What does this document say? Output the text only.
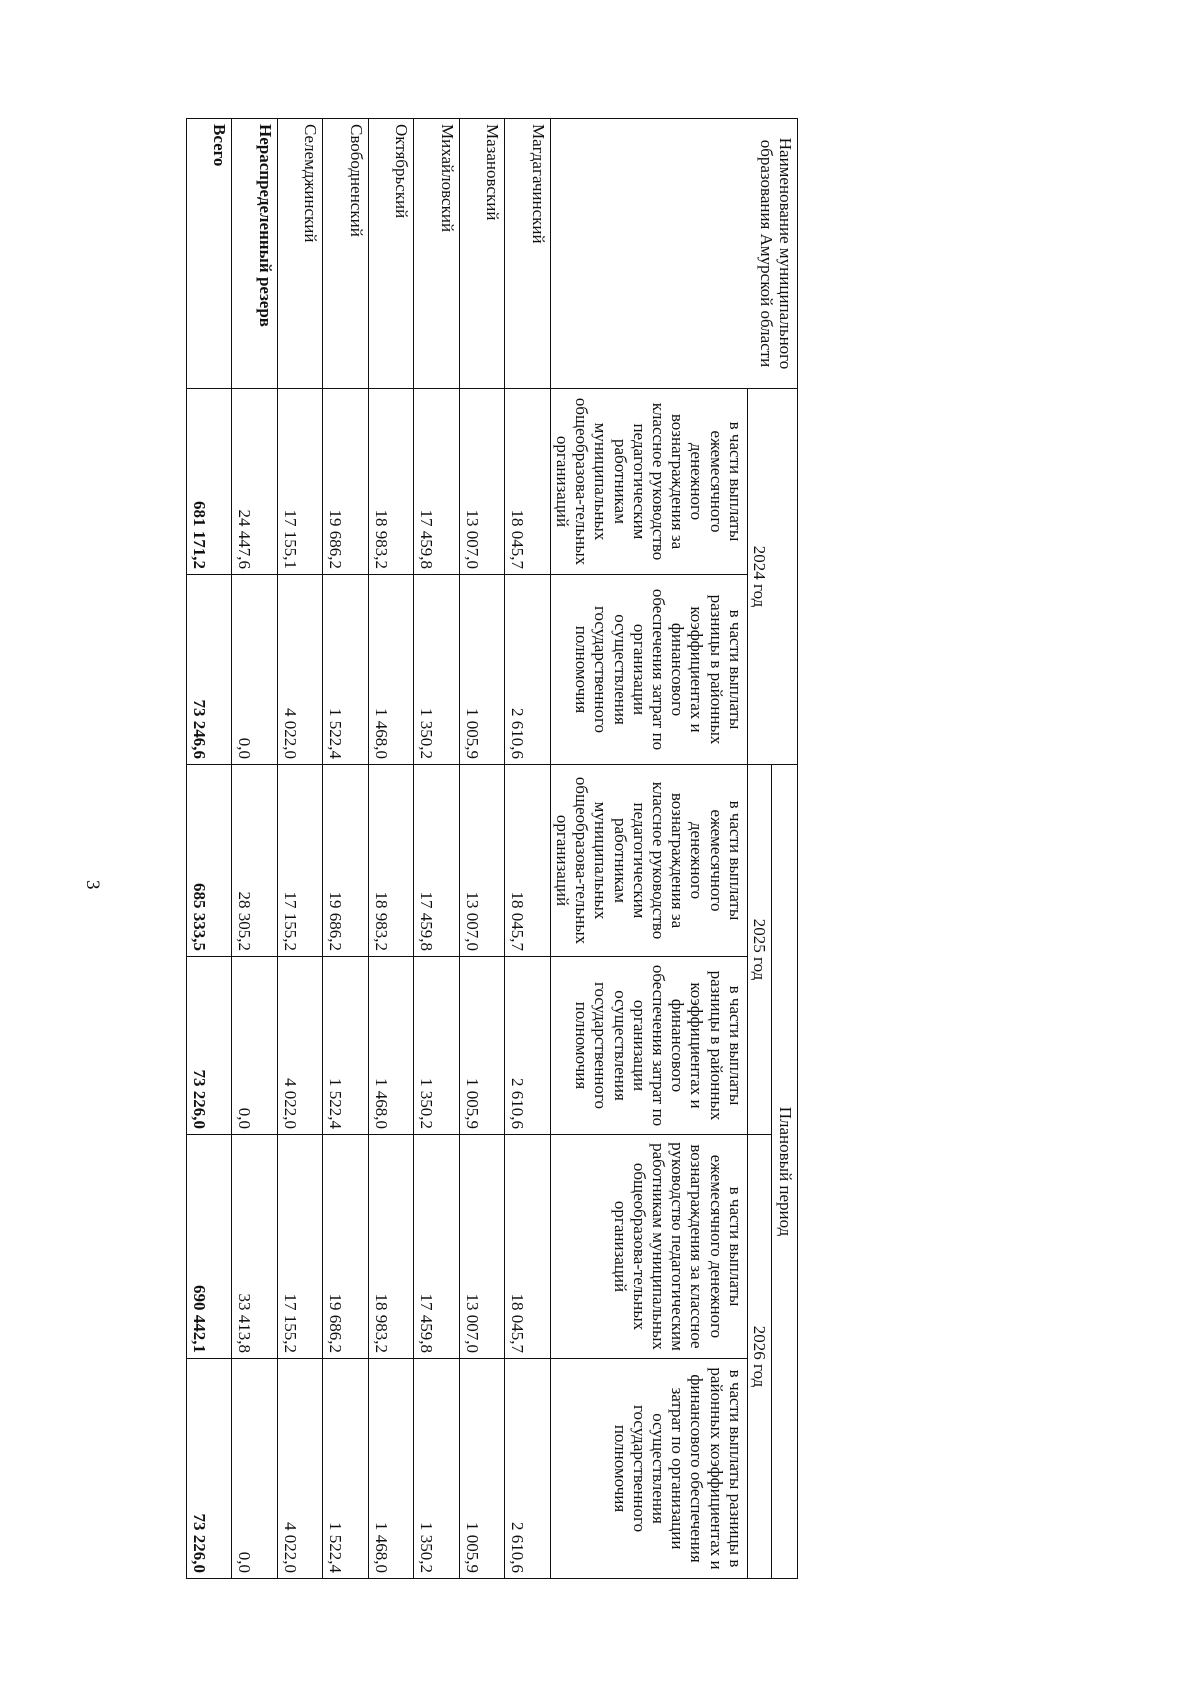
3
Наименование муниципального образования Амурской области	2024 год		Плановый период			
			2025 год		2026 год	
	в части выплаты ежемесячного денежного вознаграждения за классное руководство педагогическим работникам муниципальных общеобразова-тельных организаций	в части выплаты разницы в районных коэффициентах и финансового обеспечения затрат по организации осуществления государственного полномочия	в части выплаты ежемесячного денежного вознаграждения за классное руководство педагогическим работникам муниципальных общеобразова-тельных организаций	в части выплаты разницы в районных коэффициентах и финансового обеспечения затрат по организации осуществления государственного полномочия	в части выплаты ежемесячного денежного вознаграждения за классное руководство педагогическим работникам муниципальных общеобразова-тельных организаций	в части выплаты разницы в районных коэффициентах и финансового обеспечения затрат по организации осуществления государственного полномочия
Магдагачинский	18 045,7	2 610,6	18 045,7	2 610,6	18 045,7	2 610,6
Мазановский	13 007,0	1 005,9	13 007,0	1 005,9	13 007,0	1 005,9
Михайловский	17 459,8	1 350,2	17 459,8	1 350,2	17 459,8	1 350,2
Октябрьский	18 983,2	1 468,0	18 983,2	1 468,0	18 983,2	1 468,0
Свободненский	19 686,2	1 522,4	19 686,2	1 522,4	19 686,2	1 522,4
Селемджинский	17 155,1	4 022,0	17 155,2	4 022,0	17 155,2	4 022,0
Нераспределенный резерв	24 447,6	0,0	28 305,2	0,0	33 413,8	0,0
Всего	681 171,2	73 246,6	685 333,5	73 226,0	690 442,1	73 226,0
